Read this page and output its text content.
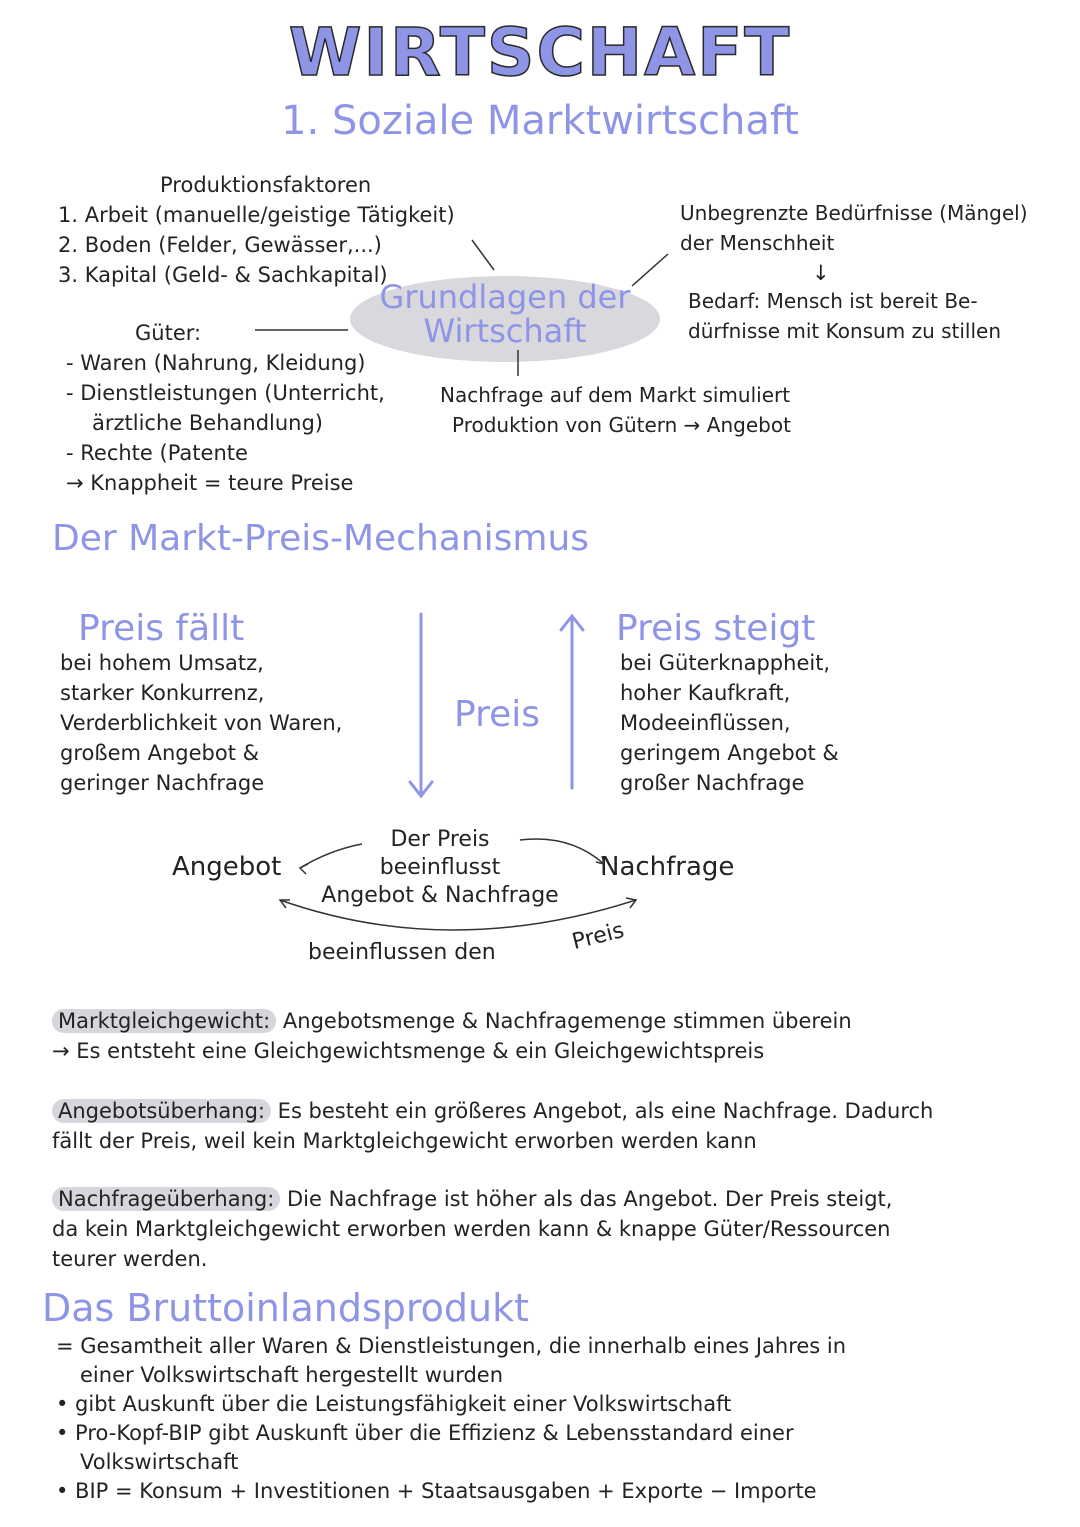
WIRTSCHAFT
1. Soziale Marktwirtschaft
Produktionsfaktoren
1. Arbeit (manuelle/geistige Tätigkeit)
2. Boden (Felder, Gewässer,...)
3. Kapital (Geld- & Sachkapital)
Grundlagen der
Wirtschaft
Güter:
- Waren (Nahrung, Kleidung)
- Dienstleistungen (Unterricht,
ärztliche Behandlung)
- Rechte (Patente
→ Knappheit = teure Preise
Unbegrenzte Bedürfnisse (Mängel)
der Menschheit
↓
Bedarf: Mensch ist bereit Be-
dürfnisse mit Konsum zu stillen
Nachfrage auf dem Markt simuliert
Produktion von Gütern → Angebot
Der Markt-Preis-Mechanismus
Preis fällt
bei hohem Umsatz,
starker Konkurrenz,
Verderblichkeit von Waren,
großem Angebot &
geringer Nachfrage
Preis
Preis steigt
bei Güterknappheit,
hoher Kaufkraft,
Modeeinflüssen,
geringem Angebot &
großer Nachfrage
Angebot	Nachfrage
Der Preis
beeinflusst
Angebot & Nachfrage
beeinflussen den	Preis
Marktgleichgewicht: Angebotsmenge & Nachfragemenge stimmen überein
→ Es entsteht eine Gleichgewichtsmenge & ein Gleichgewichtspreis
Angebotsüberhang: Es besteht ein größeres Angebot, als eine Nachfrage. Dadurch
fällt der Preis, weil kein Marktgleichgewicht erworben werden kann
Nachfrageüberhang: Die Nachfrage ist höher als das Angebot. Der Preis steigt,
da kein Marktgleichgewicht erworben werden kann & knappe Güter/Ressourcen
teurer werden.
Das Bruttoinlandsprodukt
= Gesamtheit aller Waren & Dienstleistungen, die innerhalb eines Jahres in
einer Volkswirtschaft hergestellt wurden
• gibt Auskunft über die Leistungsfähigkeit einer Volkswirtschaft
• Pro-Kopf-BIP gibt Auskunft über die Effizienz & Lebensstandard einer
Volkswirtschaft
• BIP = Konsum + Investitionen + Staatsausgaben + Exporte − Importe
